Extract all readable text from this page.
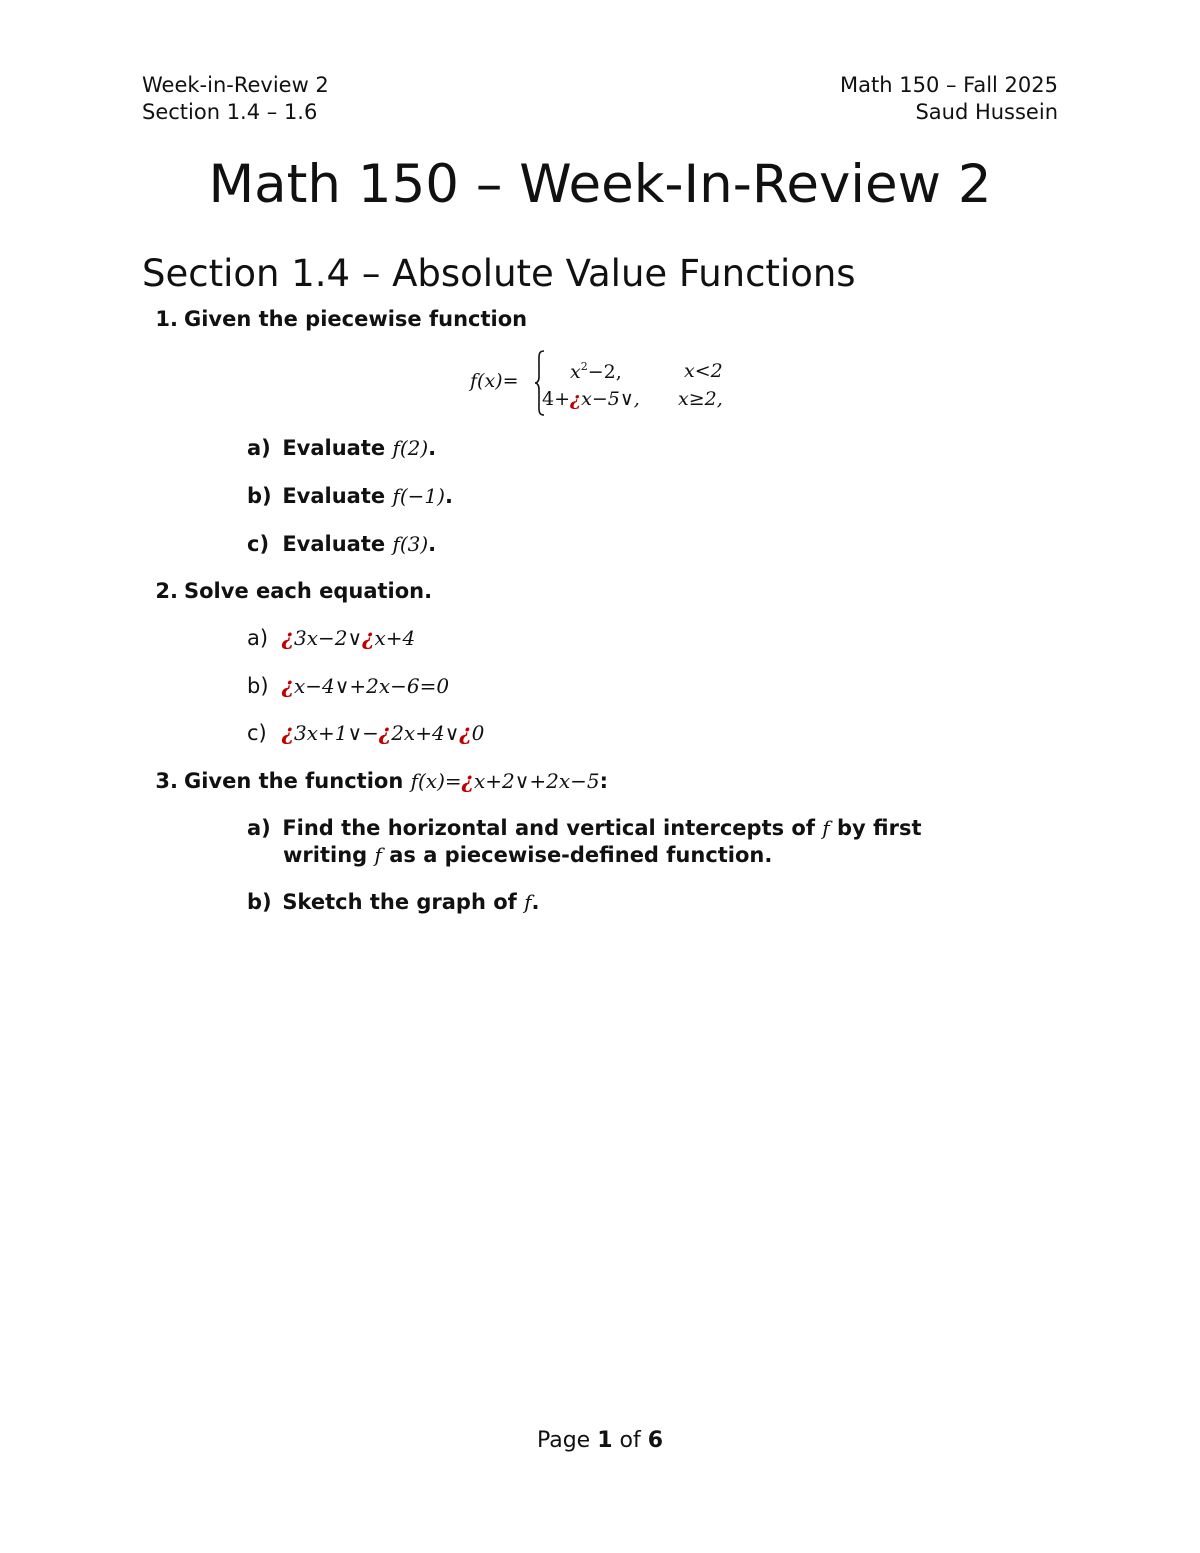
Week-in-Review 2
Section 1.4 – 1.6
Math 150 – Fall 2025
Saud Hussein
Math 150 – Week-In-Review 2
Section 1.4 – Absolute Value Functions
1. Given the piecewise function
f(x)=	$x^2-2$,	x<2
4+¿x−5∨, x≥2,
a) Evaluate f(2).
b) Evaluate f(−1).
c) Evaluate f(3).
2. Solve each equation.
a) ¿3x−2∨¿x+4
b) ¿x−4∨+2x−6=0
c) ¿3x+1∨−¿2x+4∨¿0
3. Given the function f(x)=¿x+2∨+2x−5:
a) Find the horizontal and vertical intercepts of f by first
writing f as a piecewise-defined function.
b) Sketch the graph of f.
Page 1 of 6
